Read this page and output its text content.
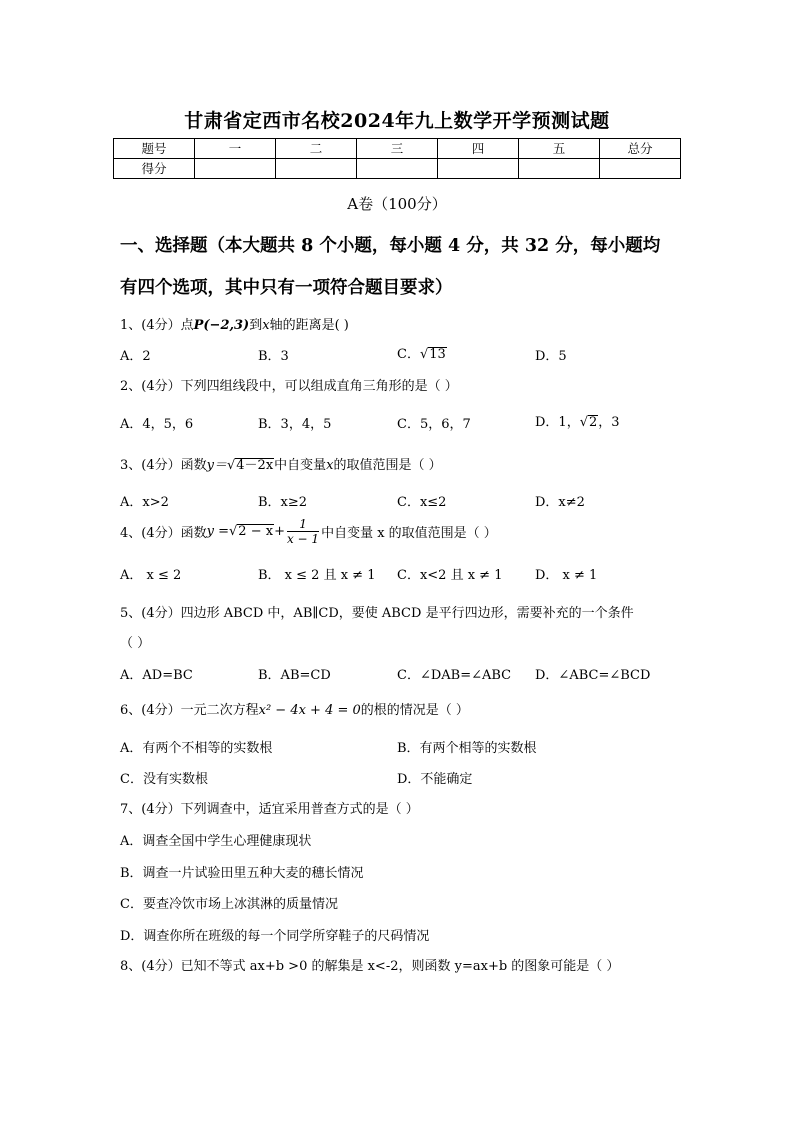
甘肃省定西市名校2024年九上数学开学预测试题
题号	一	二	三	四	五	总分
得分						
A卷（100分）
一、选择题（本大题共 8 个小题，每小题 4 分，共 32 分，每小题均
有四个选项，其中只有一项符合题目要求）
1、(4分）点P(−2,3)到x轴的距离是( )
A．2	B．3	C．√13	D．5
2、(4分）下列四组线段中，可以组成直角三角形的是（ ）
A．4，5，6	B．3，4，5	C．5，6，7	D．1，√2，3
3、(4分）函数y＝√4－2x中自变量x的取值范围是（ ）
A．x>2	B．x≥2	C．x≤2	D．x≠2
4、(4分）函数 y = √ $2 - x + \frac{1}{x - 1}$ 中自变量 x 的取值范围是（ ）
A． x ≤ 2	B． x ≤ 2 且 x ≠ 1 C．x<2 且 x ≠ 1	D． x ≠ 1
5、(4分）四边形 ABCD 中，AB∥CD，要使 ABCD 是平行四边形，需要补充的一个条件
（ ）
A．AD=BC	B．AB=CD	C．∠DAB=∠ABC D．∠ABC=∠BCD
6、(4分）一元二次方程x² − 4x + 4 = 0的根的情况是（ ）
A．有两个不相等的实数根	B．有两个相等的实数根
C．没有实数根	D．不能确定
7、(4分）下列调查中，适宜采用普查方式的是（ ）
A．调查全国中学生心理健康现状
B．调查一片试验田里五种大麦的穗长情况
C．要查冷饮市场上冰淇淋的质量情况
D．调查你所在班级的每一个同学所穿鞋子的尺码情况
8、(4分）已知不等式 ax+b >0 的解集是 x<-2，则函数 y=ax+b 的图象可能是（ ）
